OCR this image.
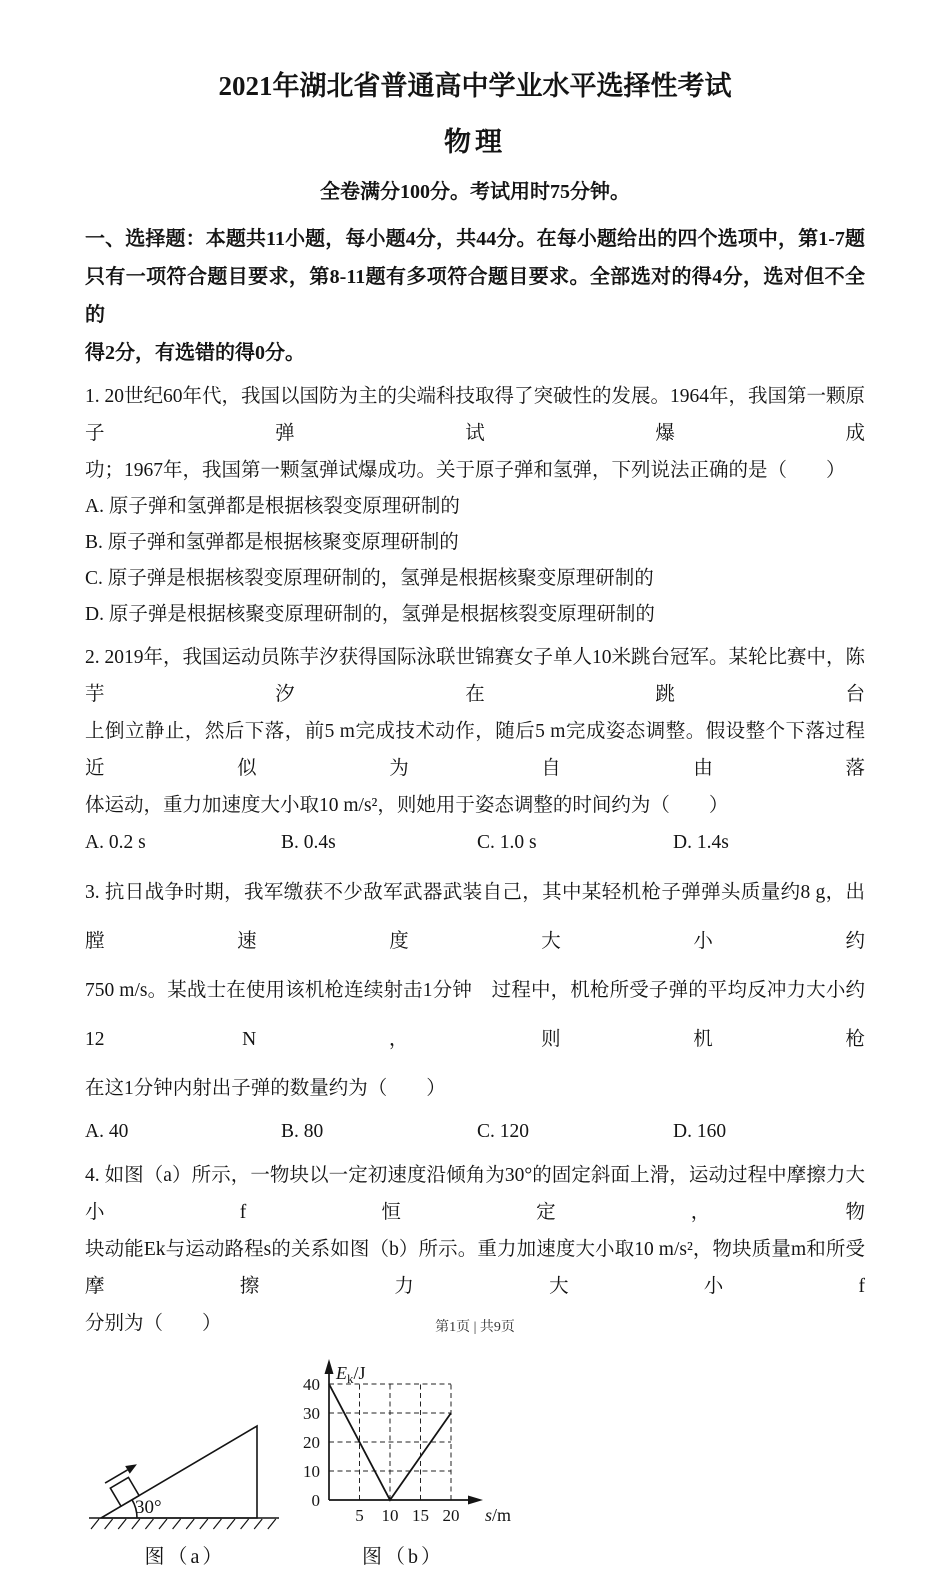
2021年湖北省普通高中学业水平选择性考试
物理
全卷满分100分。考试用时75分钟。
一、选择题：本题共11小题，每小题4分，共44分。在每小题给出的四个选项中，第1-7题
只有一项符合题目要求，第8-11题有多项符合题目要求。全部选对的得4分，选对但不全的
得2分，有选错的得0分。
1. 20世纪60年代，我国以国防为主的尖端科技取得了突破性的发展。1964年，我国第一颗原子弹试爆成
功；1967年，我国第一颗氢弹试爆成功。关于原子弹和氢弹，下列说法正确的是（　　）
A. 原子弹和氢弹都是根据核裂变原理研制的
B. 原子弹和氢弹都是根据核聚变原理研制的
C. 原子弹是根据核裂变原理研制的，氢弹是根据核聚变原理研制的
D. 原子弹是根据核聚变原理研制的，氢弹是根据核裂变原理研制的
2. 2019年，我国运动员陈芋汐获得国际泳联世锦赛女子单人10米跳台冠军。某轮比赛中，陈芋汐在跳台
上倒立静止，然后下落，前5 m完成技术动作，随后5 m完成姿态调整。假设整个下落过程近似为自由落
体运动，重力加速度大小取10 m/s²，则她用于姿态调整的时间约为（　　）
A. 0.2 s	B. 0.4s	C. 1.0 s	D. 1.4s
3. 抗日战争时期，我军缴获不少敌军武器武装自己，其中某轻机枪子弹弹头质量约8 g，出膛速度大小约
750 m/s。某战士在使用该机枪连续射击1分钟　过程中，机枪所受子弹的平均反冲力大小约12 N，则机枪
在这1分钟内射出子弹的数量约为（　　）
A. 40	B. 80	C. 120	D. 160
4. 如图（a）所示，一物块以一定初速度沿倾角为30°的固定斜面上滑，运动过程中摩擦力大小f恒定，物
块动能Ek与运动路程s的关系如图（b）所示。重力加速度大小取10 m/s²，物块质量m和所受摩擦力大小f
分别为（　　）
30°
图（a）
5 10 15 20
0
10
20
30
40
$E_k/J$
s/m
图（b）
第1页 | 共9页
